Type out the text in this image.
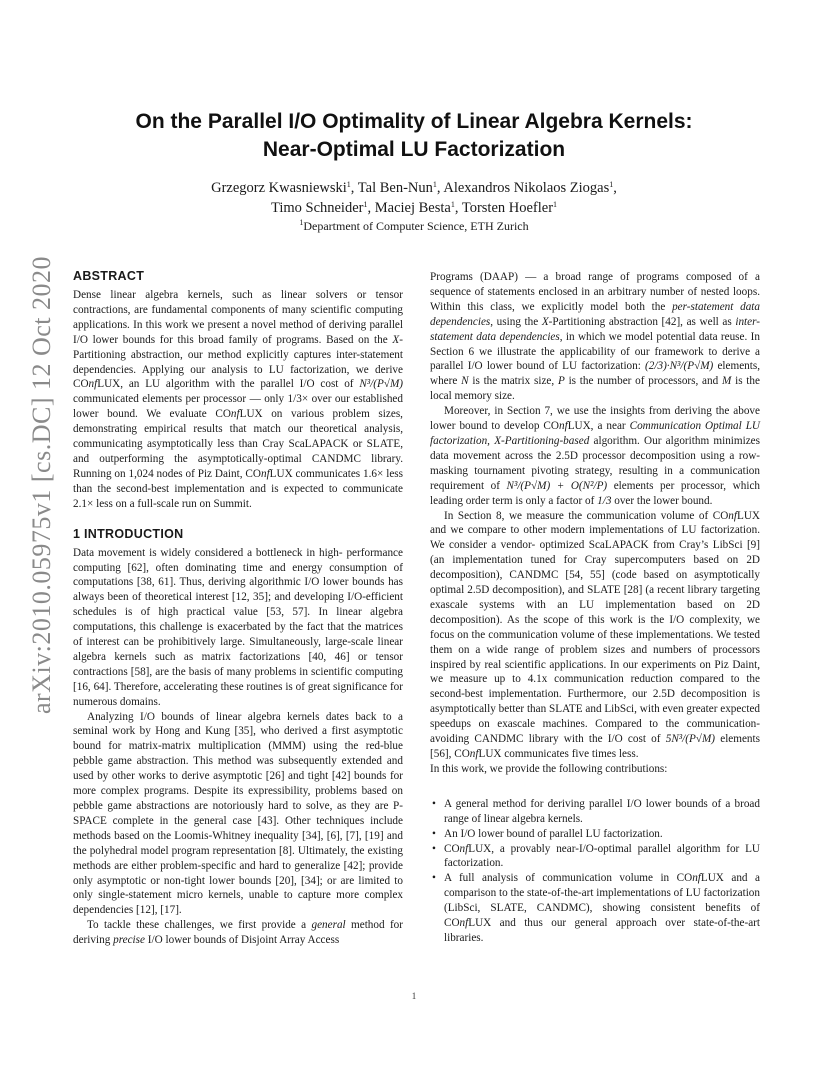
arXiv:2010.05975v1 [cs.DC] 12 Oct 2020
On the Parallel I/O Optimality of Linear Algebra Kernels:
Near-Optimal LU Factorization
Grzegorz Kwasniewski$^1$, Tal Ben-Nun$^1$, Alexandros Nikolaos Ziogas$^1$,
Timo Schneider$^1$, Maciej Besta$^1$, Torsten Hoefler$^1$
$^1$Department of Computer Science, ETH Zurich
ABSTRACT

Dense linear algebra kernels, such as linear solvers or tensor contractions, are fundamental components of many scientific computing applications. In this work we present a novel method of deriving parallel I/O lower bounds for this broad family of programs. Based on the X-Partitioning abstraction, our method explicitly captures inter-statement dependencies. Applying our analysis to LU factorization, we derive COnfLUX, an LU algorithm with the parallel I/O cost of N³/(P√M) communicated elements per processor — only 1/3× over our established lower bound. We evaluate COnfLUX on various problem sizes, demonstrating empirical results that match our theoretical analysis, communicating asymptotically less than Cray ScaLAPACK or SLATE, and outperforming the asymptotically-optimal CANDMC library. Running on 1,024 nodes of Piz Daint, COnfLUX communicates 1.6× less than the second-best implementation and is expected to communicate 2.1× less on a full-scale run on Summit.

1 INTRODUCTION

Data movement is widely considered a bottleneck in high- performance computing [62], often dominating time and energy consumption of computations [38, 61]. Thus, deriving algorithmic I/O lower bounds has always been of theoretical interest [12, 35]; and developing I/O-efficient schedules is of high practical value [53, 57]. In linear algebra computations, this challenge is exacerbated by the fact that the matrices of interest can be prohibitively large. Simultaneously, large-scale linear algebra kernels such as matrix factorizations [40, 46] or tensor contractions [58], are the basis of many problems in scientific computing [16, 64]. Therefore, accelerating these routines is of great significance for numerous domains.

Analyzing I/O bounds of linear algebra kernels dates back to a seminal work by Hong and Kung [35], who derived a first asymptotic bound for matrix-matrix multiplication (MMM) using the red-blue pebble game abstraction. This method was subsequently extended and used by other works to derive asymptotic [26] and tight [42] bounds for more complex programs. Despite its expressibility, problems based on pebble game abstractions are notoriously hard to solve, as they are P-SPACE complete in the general case [43]. Other techniques include methods based on the Loomis-Whitney inequality [34], [6], [7], [19] and the polyhedral model program representation [8]. Ultimately, the existing methods are either problem-specific and hard to generalize [42]; provide only asymptotic or non-tight lower bounds [20], [34]; or are limited to only single-statement micro kernels, unable to capture more complex dependencies [12], [17].

To tackle these challenges, we first provide a general method for deriving precise I/O lower bounds of Disjoint Array Access

Programs (DAAP) — a broad range of programs composed of a sequence of statements enclosed in an arbitrary number of nested loops. Within this class, we explicitly model both the per-statement data dependencies, using the X-Partitioning abstraction [42], as well as inter-statement data dependencies, in which we model potential data reuse. In Section 6 we illustrate the applicability of our framework to derive a parallel I/O lower bound of LU factorization: (2/3)·N³/(P√M) elements, where N is the matrix size, P is the number of processors, and M is the local memory size.

Moreover, in Section 7, we use the insights from deriving the above lower bound to develop COnfLUX, a near Communication Optimal LU factorization, X-Partitioning-based algorithm. Our algorithm minimizes data movement across the 2.5D processor decomposition using a row-masking tournament pivoting strategy, resulting in a communication requirement of N³/(P√M) + O(N²/P) elements per processor, which leading order term is only a factor of 1/3 over the lower bound.

In Section 8, we measure the communication volume of COnfLUX and we compare to other modern implementations of LU factorization. We consider a vendor- optimized ScaLAPACK from Cray’s LibSci [9] (an implementation tuned for Cray supercomputers based on 2D decomposition), CANDMC [54, 55] (code based on asymptotically optimal 2.5D decomposition), and SLATE [28] (a recent library targeting exascale systems with an LU implementation based on 2D decomposition). As the scope of this work is the I/O complexity, we focus on the communication volume of these implementations. We tested them on a wide range of problem sizes and numbers of processors inspired by real scientific applications. In our experiments on Piz Daint, we measure up to 4.1x communication reduction compared to the second-best implementation. Furthermore, our 2.5D decomposition is asymptotically better than SLATE and LibSci, with even greater expected speedups on exascale machines. Compared to the communication-avoiding CANDMC library with the I/O cost of 5N³/(P√M) elements [56], COnfLUX communicates five times less.

In this work, we provide the following contributions:

• A general method for deriving parallel I/O lower bounds of a broad range of linear algebra kernels.
• An I/O lower bound of parallel LU factorization.
• COnfLUX, a provably near-I/O-optimal parallel algorithm for LU factorization.
• A full analysis of communication volume in COnfLUX and a comparison to the state-of-the-art implementations of LU factorization (LibSci, SLATE, CANDMC), showing consistent benefits of COnfLUX and thus our general approach over state-of-the-art libraries.
1
